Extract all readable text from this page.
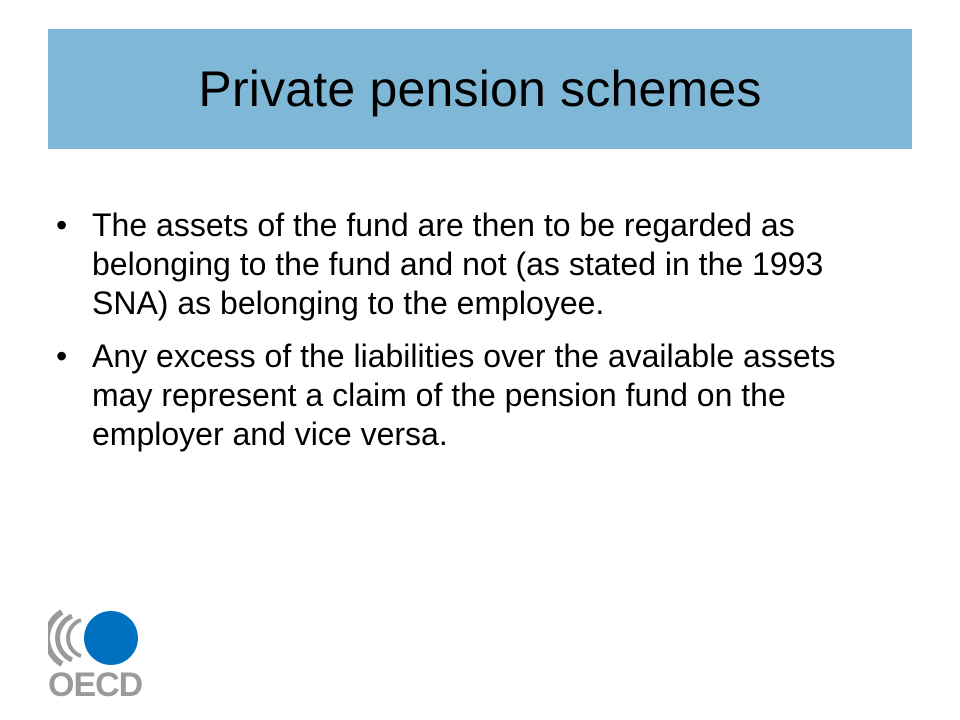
Private pension schemes
• The assets of the fund are then to be regarded as belonging to the fund and not (as stated in the 1993 SNA) as belonging to the employee.
• Any excess of the liabilities over the available assets may represent a claim of the pension fund on the employer and vice versa.
OECD
